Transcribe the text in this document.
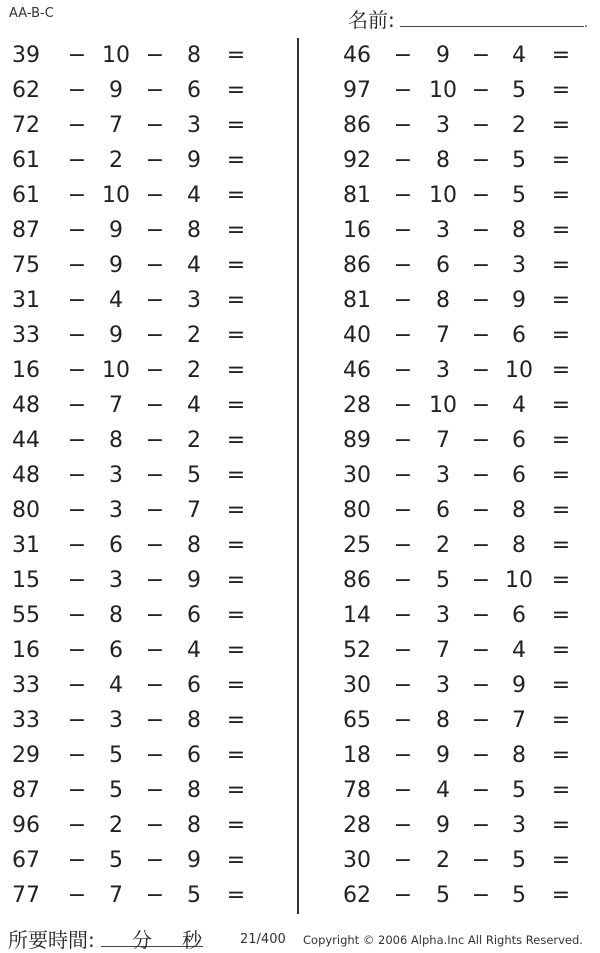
AA-B-C	名前:	.
39	− 10 −	8	=
62	−	9	−	6	=
72	−	7	−	3	=
61	−	2	−	9	=
61	− 10 −	4	=
87	−	9	−	8	=
75	−	9	−	4	=
31	−	4	−	3	=
33	−	9	−	2	=
16	− 10 −	2	=
48	−	7	−	4	=
44	−	8	−	2	=
48	−	3	−	5	=
80	−	3	−	7	=
31	−	6	−	8	=
15	−	3	−	9	=
55	−	8	−	6	=
16	−	6	−	4	=
33	−	4	−	6	=
33	−	3	−	8	=
29	−	5	−	6	=
87	−	5	−	8	=
96	−	2	−	8	=
67	−	5	−	9	=
77	−	7	−	5	=
46	−	9 − 4	=
97	− 10 − 5	=
86	−	3 − 2	=
92	−	8 − 5	=
81	− 10 − 5	=
16	−	3 − 8	=
86	−	6 − 3	=
81	−	8 − 9	=
40	−	7 − 6	=
46	−	3 − 10 =
28	− 10 − 4	=
89	−	7 − 6	=
30	−	3 − 6	=
80	−	6 − 8	=
25	−	2 − 8	=
86	−	5 − 10 =
14	−	3 − 6	=
52	−	7 − 4	=
30	−	3 − 9	=
65	−	8 − 7	=
18	−	9 − 8	=
78	−	4 − 5	=
28	−	9 − 3	=
30	−	2 − 5	=
62	−	5 − 5	=
所要時間: 分 秒	21/400 Copyright © 2006 Alpha.Inc All Rights Reserved.
